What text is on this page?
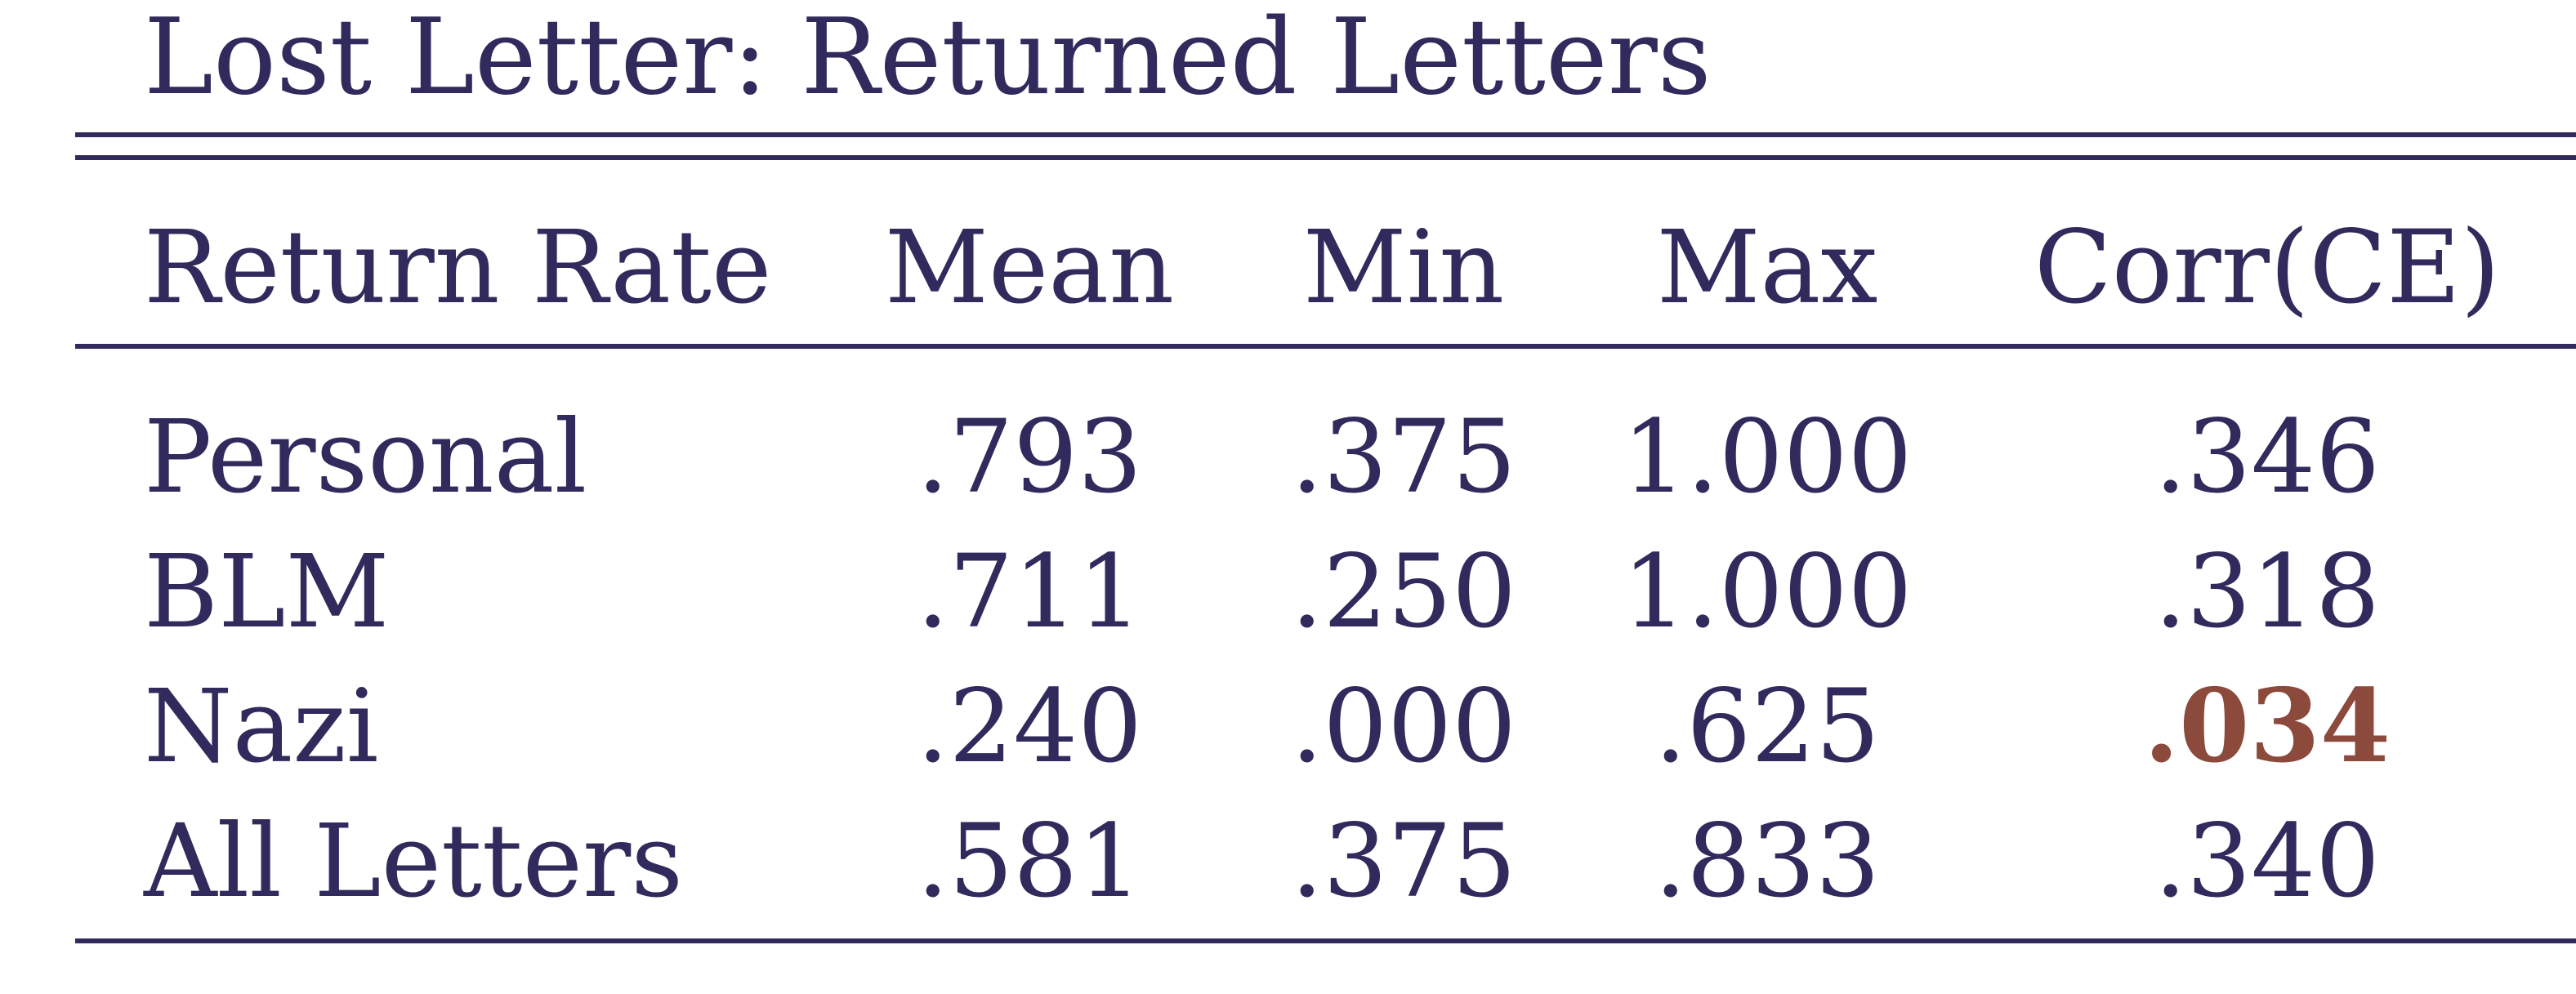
Lost Letter: Returned Letters
Return Rate Mean Min Max Corr(CE)
Personal	.793 .375 1.000 .346
BLM	.711 .250 1.000 .318
Nazi	.240 .000 .625	.034
All Letters .581 .375 .833	.340
